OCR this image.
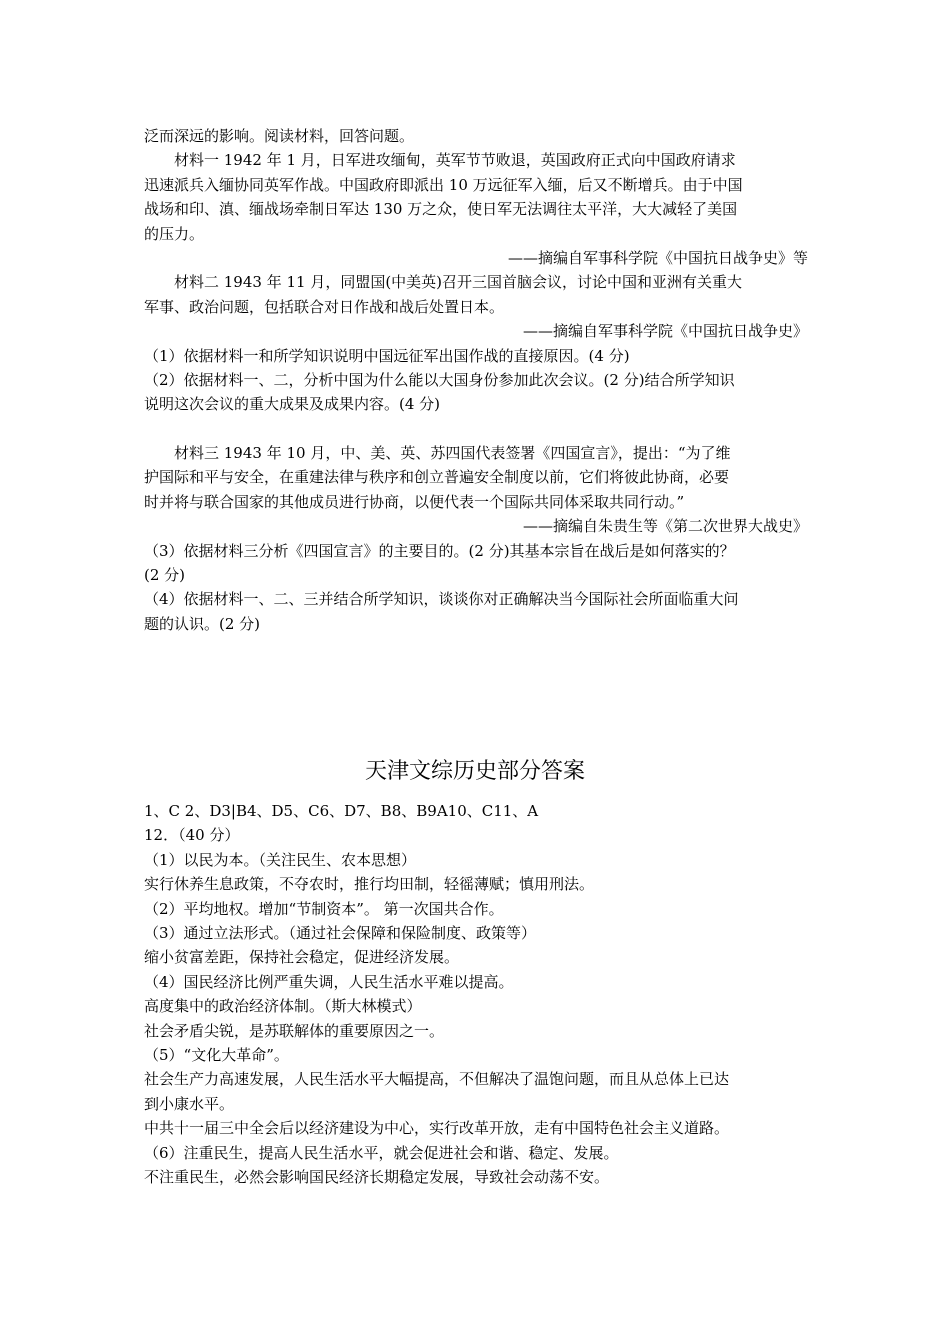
泛而深远的影响。阅读材料，回答问题。
材料一 1942 年 1 月，日军进攻缅甸，英军节节败退，英国政府正式向中国政府请求
迅速派兵入缅协同英军作战。中国政府即派出 10 万远征军入缅，后又不断增兵。由于中国
战场和印、滇、缅战场牵制日军达 130 万之众，使日军无法调往太平洋，大大减轻了美国
的压力。
——摘编自军事科学院《中国抗日战争史》等
材料二 1943 年 11 月，同盟国(中美英)召开三国首脑会议，讨论中国和亚洲有关重大
军事、政治问题，包括联合对日作战和战后处置日本。
——摘编自军事科学院《中国抗日战争史》
（1）依据材料一和所学知识说明中国远征军出国作战的直接原因。(4 分)
（2）依据材料一、二，分析中国为什么能以大国身份参加此次会议。(2 分)结合所学知识
说明这次会议的重大成果及成果内容。(4 分)
材料三 1943 年 10 月，中、美、英、苏四国代表签署《四国宣言》，提出：“为了维
护国际和平与安全，在重建法律与秩序和创立普遍安全制度以前，它们将彼此协商，必要
时并将与联合国家的其他成员进行协商，以便代表一个国际共同体采取共同行动。”
——摘编自朱贵生等《第二次世界大战史》
（3）依据材料三分析《四国宣言》的主要目的。(2 分)其基本宗旨在战后是如何落实的？
(2 分)
（4）依据材料一、二、三并结合所学知识，谈谈你对正确解决当今国际社会所面临重大问
题的认识。(2 分)
天津文综历史部分答案
1、C 2、D3|B4、D5、C6、D7、B8、B9A10、C11、A
12．（40 分）
（1）以民为本。（关注民生、农本思想）
实行休养生息政策，不夺农时，推行均田制，轻徭薄赋；慎用刑法。
（2）平均地权。增加“节制资本”。 第一次国共合作。
（3）通过立法形式。（通过社会保障和保险制度、政策等）
缩小贫富差距，保持社会稳定，促进经济发展。
（4）国民经济比例严重失调，人民生活水平难以提高。
高度集中的政治经济体制。（斯大林模式）
社会矛盾尖锐，是苏联解体的重要原因之一。
（5）“文化大革命”。
社会生产力高速发展，人民生活水平大幅提高，不但解决了温饱问题，而且从总体上已达
到小康水平。
中共十一届三中全会后以经济建设为中心，实行改革开放，走有中国特色社会主义道路。
（6）注重民生，提高人民生活水平，就会促进社会和谐、稳定、发展。
不注重民生，必然会影响国民经济长期稳定发展，导致社会动荡不安。
